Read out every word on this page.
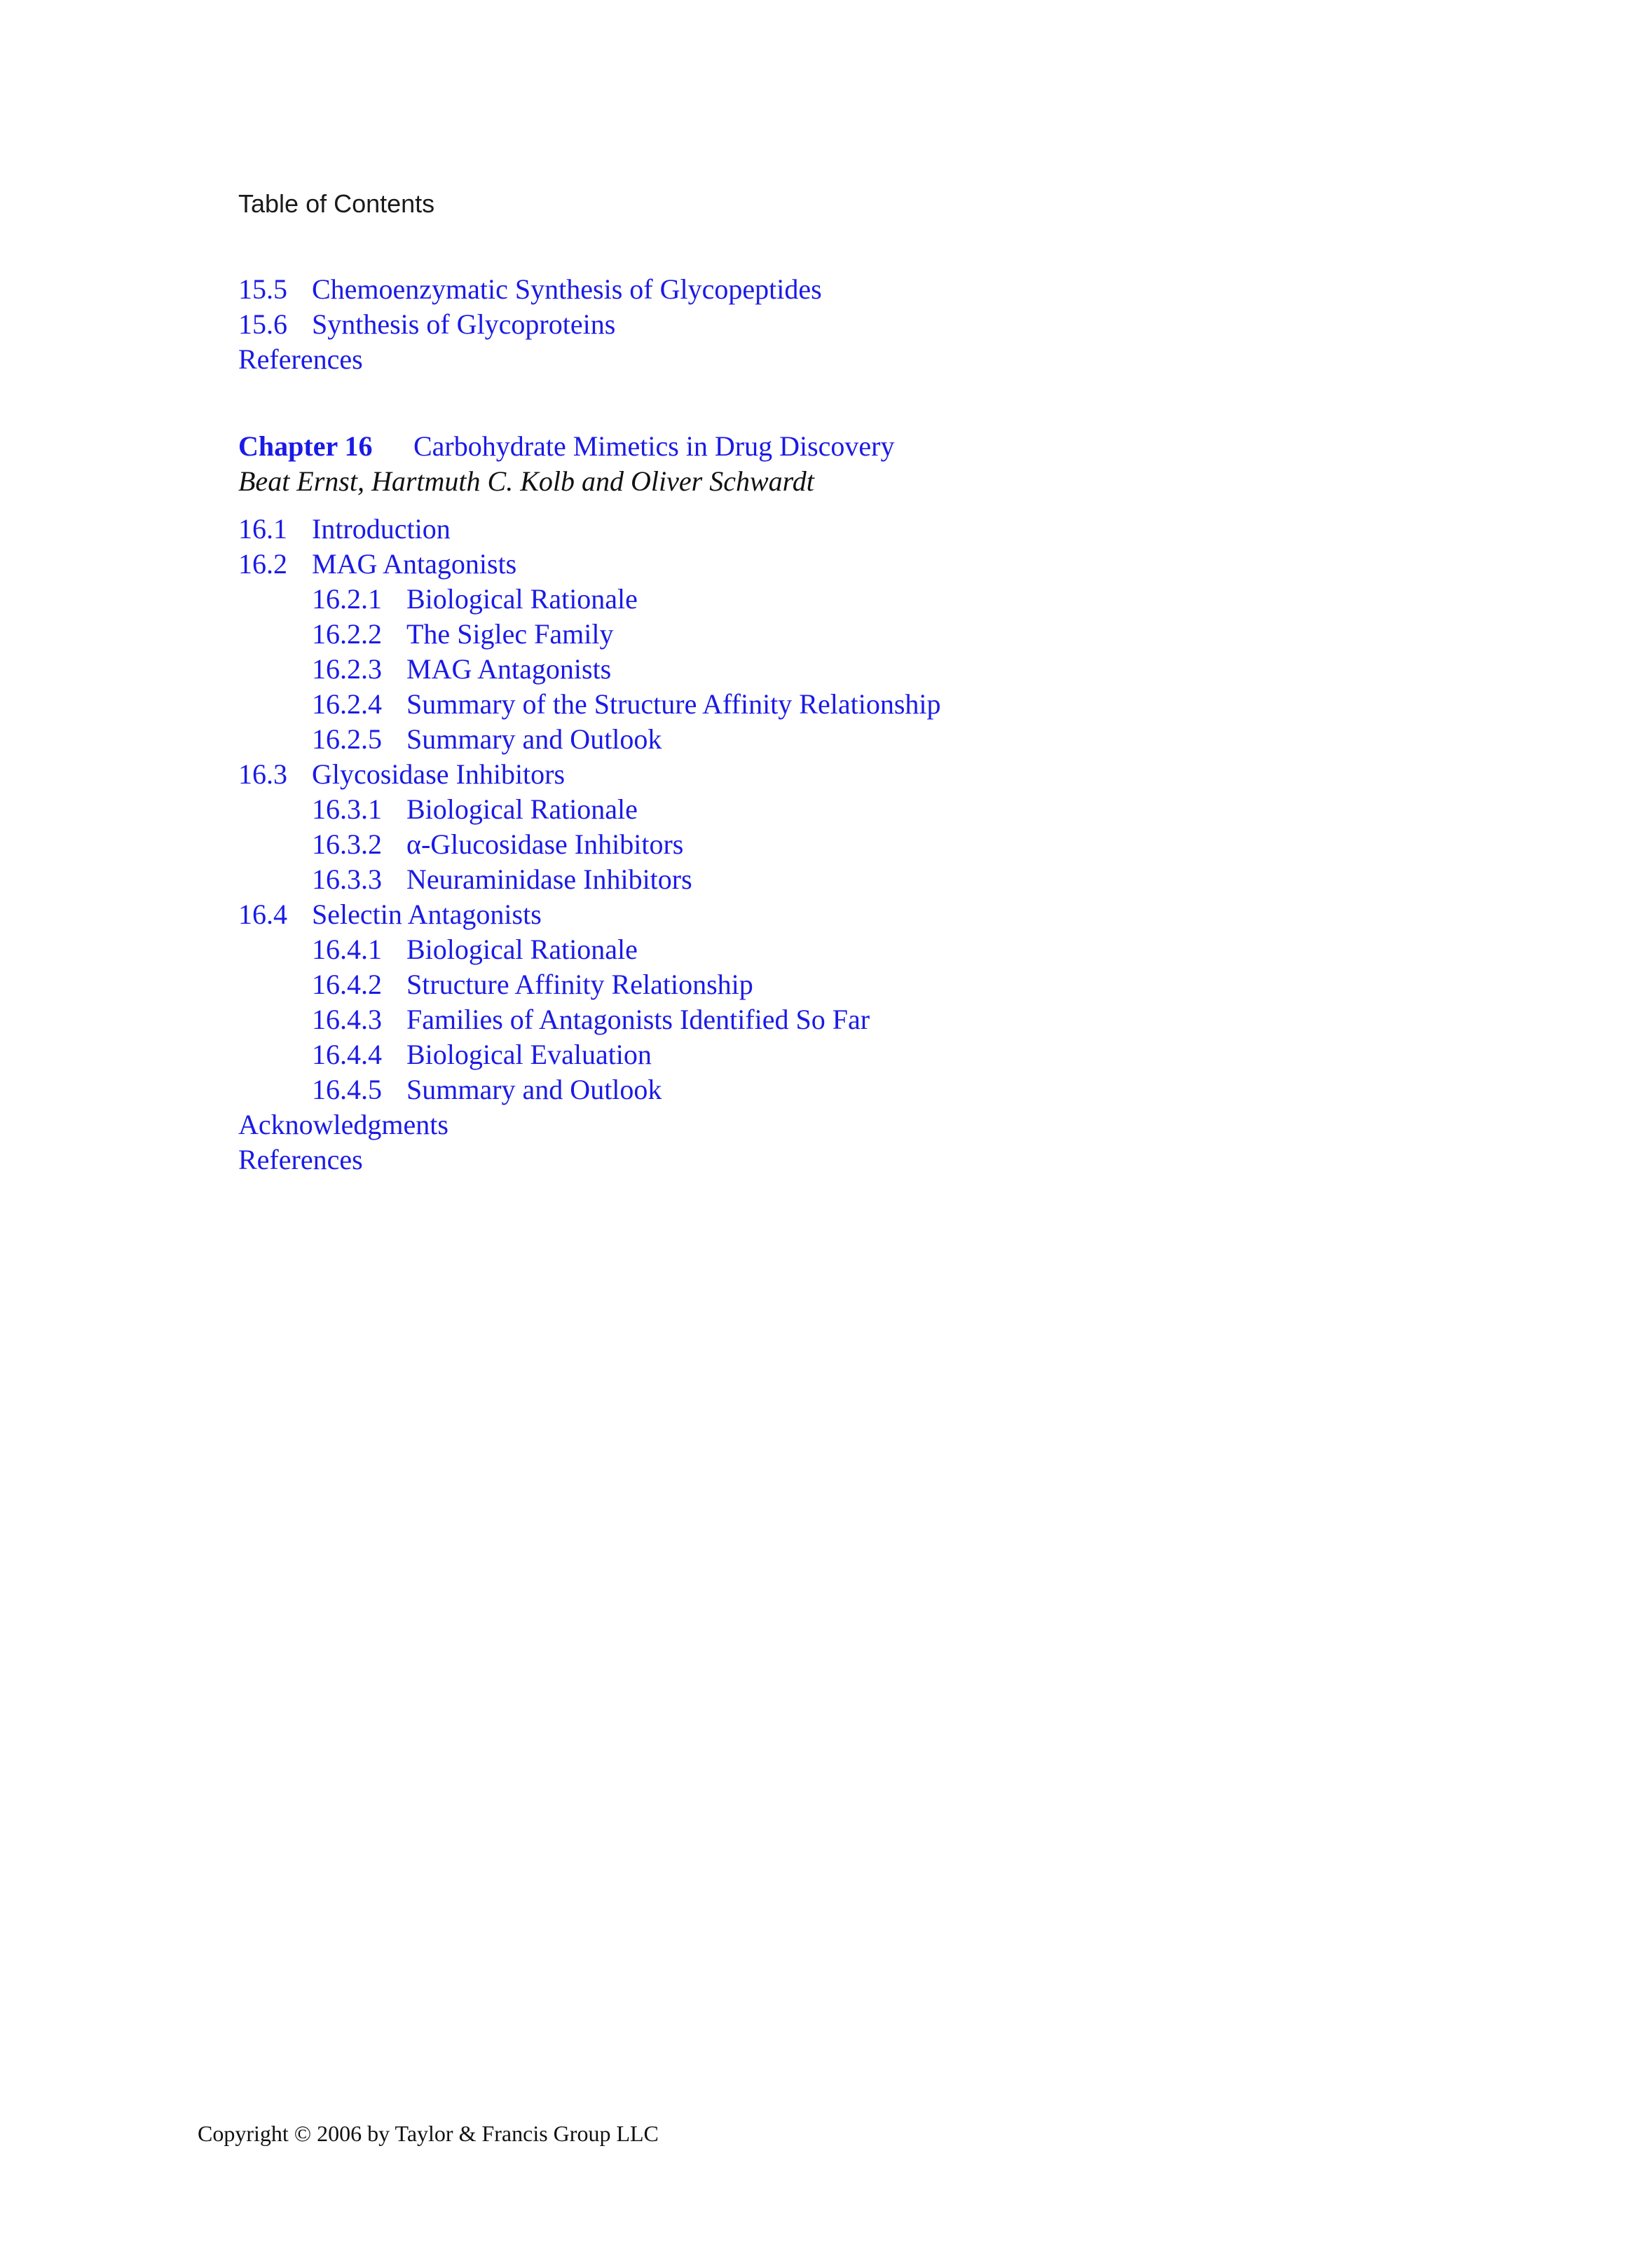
Table of Contents
15.5 Chemoenzymatic Synthesis of Glycopeptides
15.6 Synthesis of Glycoproteins
References
Chapter 16 Carbohydrate Mimetics in Drug Discovery
Beat Ernst, Hartmuth C. Kolb and Oliver Schwardt
16.1 Introduction
16.2 MAG Antagonists
16.2.1 Biological Rationale
16.2.2 The Siglec Family
16.2.3 MAG Antagonists
16.2.4 Summary of the Structure Affinity Relationship
16.2.5 Summary and Outlook
16.3 Glycosidase Inhibitors
16.3.1 Biological Rationale
16.3.2 α-Glucosidase Inhibitors
16.3.3 Neuraminidase Inhibitors
16.4 Selectin Antagonists
16.4.1 Biological Rationale
16.4.2 Structure Affinity Relationship
16.4.3 Families of Antagonists Identified So Far
16.4.4 Biological Evaluation
16.4.5 Summary and Outlook
Acknowledgments
References
Copyright © 2006 by Taylor & Francis Group LLC
